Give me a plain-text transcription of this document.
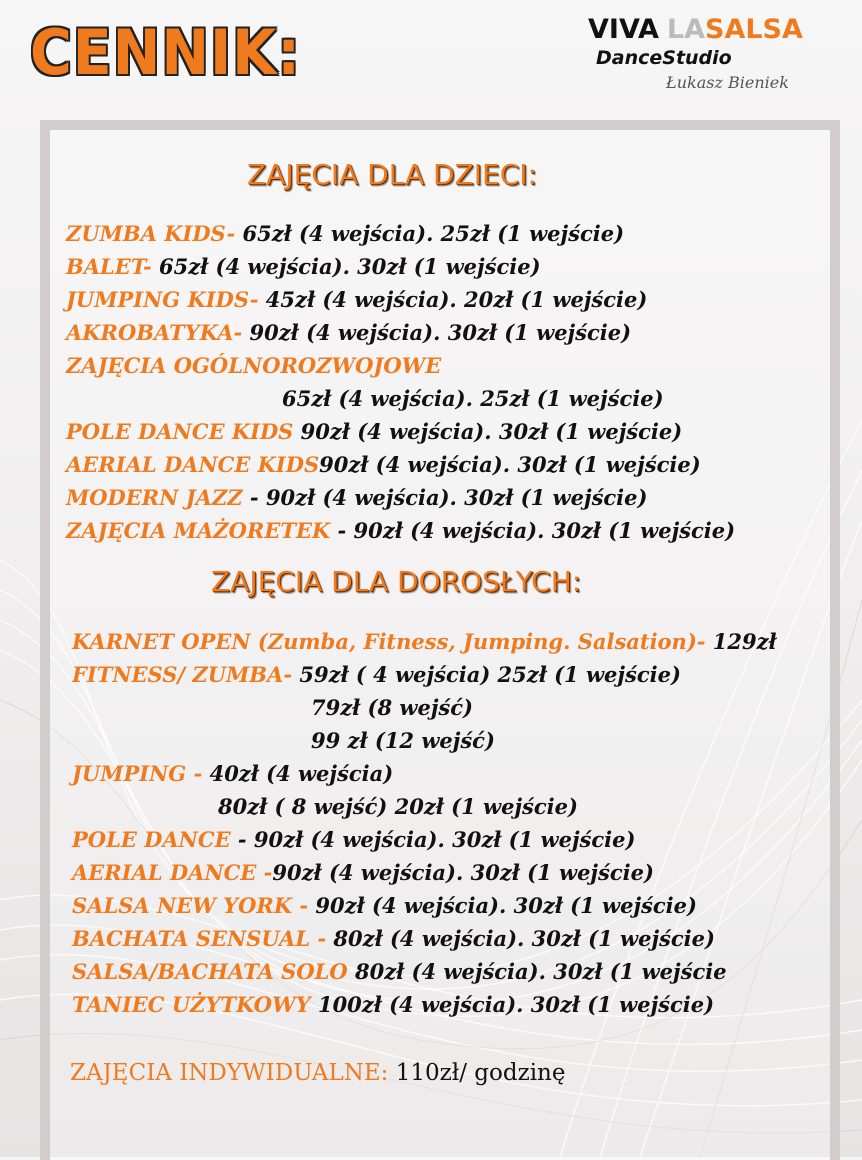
CENNIK:	VIVA LASALSA
DanceStudio
Łukasz Bieniek
ZAJĘCIA DLA DZIECI:

ZUMBA KIDS- 65zł (4 wejścia). 25zł (1 wejście)

BALET- 65zł (4 wejścia). 30zł (1 wejście)

JUMPING KIDS- 45zł (4 wejścia). 20zł (1 wejście)

AKROBATYKA- 90zł (4 wejścia). 30zł (1 wejście)

ZAJĘCIA OGÓLNOROZWOJOWE

65zł (4 wejścia). 25zł (1 wejście)

POLE DANCE KIDS 90zł (4 wejścia). 30zł (1 wejście)

AERIAL DANCE KIDS90zł (4 wejścia). 30zł (1 wejście)

MODERN JAZZ - 90zł (4 wejścia). 30zł (1 wejście)

ZAJĘCIA MAŻORETEK - 90zł (4 wejścia). 30zł (1 wejście)

ZAJĘCIA DLA DOROSŁYCH:

KARNET OPEN (Zumba, Fitness, Jumping. Salsation)- 129zł

FITNESS/ ZUMBA- 59zł ( 4 wejścia) 25zł (1 wejście)

79zł (8 wejść)

99 zł (12 wejść)

JUMPING - 40zł (4 wejścia)

80zł ( 8 wejść) 20zł (1 wejście)

POLE DANCE - 90zł (4 wejścia). 30zł (1 wejście)

AERIAL DANCE -90zł (4 wejścia). 30zł (1 wejście)

SALSA NEW YORK - 90zł (4 wejścia). 30zł (1 wejście)

BACHATA SENSUAL - 80zł (4 wejścia). 30zł (1 wejście)

SALSA/BACHATA SOLO 80zł (4 wejścia). 30zł (1 wejście

TANIEC UŻYTKOWY 100zł (4 wejścia). 30zł (1 wejście)

ZAJĘCIA INDYWIDUALNE: 110zł/ godzinę
